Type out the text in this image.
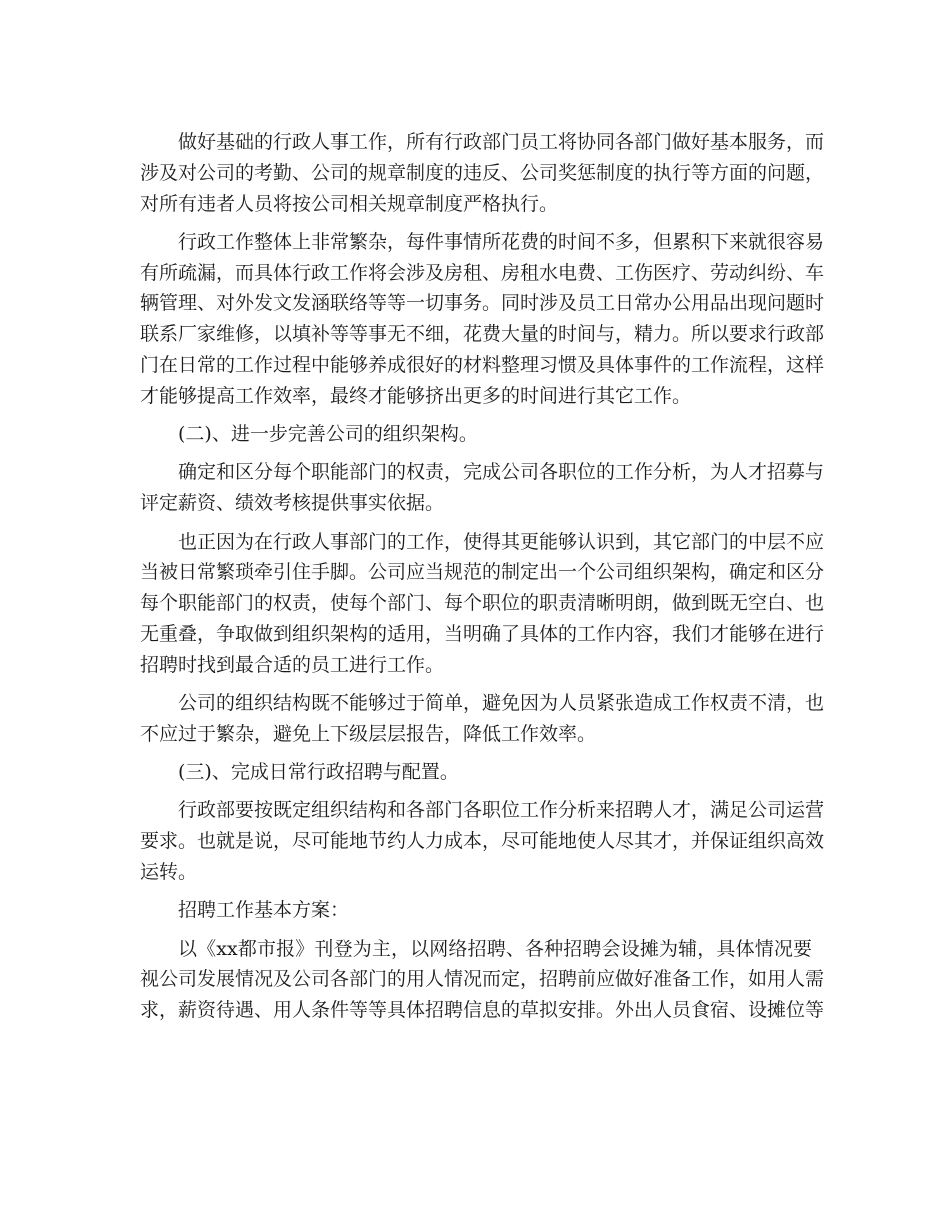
做好基础的行政人事工作，所有行政部门员工将协同各部门做好基本服务，而
涉及对公司的考勤、公司的规章制度的违反、公司奖惩制度的执行等方面的问题，
对所有违者人员将按公司相关规章制度严格执行。

行政工作整体上非常繁杂，每件事情所花费的时间不多，但累积下来就很容易
有所疏漏，而具体行政工作将会涉及房租、房租水电费、工伤医疗、劳动纠纷、车
辆管理、对外发文发涵联络等等一切事务。同时涉及员工日常办公用品出现问题时
联系厂家维修，以填补等等事无不细，花费大量的时间与，精力。所以要求行政部
门在日常的工作过程中能够养成很好的材料整理习惯及具体事件的工作流程，这样
才能够提高工作效率，最终才能够挤出更多的时间进行其它工作。

(二)、进一步完善公司的组织架构。

确定和区分每个职能部门的权责，完成公司各职位的工作分析，为人才招募与
评定薪资、绩效考核提供事实依据。

也正因为在行政人事部门的工作，使得其更能够认识到，其它部门的中层不应
当被日常繁琐牵引住手脚。公司应当规范的制定出一个公司组织架构，确定和区分
每个职能部门的权责，使每个部门、每个职位的职责清晰明朗，做到既无空白、也
无重叠，争取做到组织架构的适用，当明确了具体的工作内容，我们才能够在进行
招聘时找到最合适的员工进行工作。

公司的组织结构既不能够过于简单，避免因为人员紧张造成工作权责不清，也
不应过于繁杂，避免上下级层层报告，降低工作效率。

(三)、完成日常行政招聘与配置。

行政部要按既定组织结构和各部门各职位工作分析来招聘人才，满足公司运营
要求。也就是说，尽可能地节约人力成本，尽可能地使人尽其才，并保证组织高效
运转。

招聘工作基本方案：

以《xx都市报》刊登为主，以网络招聘、各种招聘会设摊为辅，具体情况要
视公司发展情况及公司各部门的用人情况而定，招聘前应做好准备工作，如用人需
求，薪资待遇、用人条件等等具体招聘信息的草拟安排。外出人员食宿、设摊位等
